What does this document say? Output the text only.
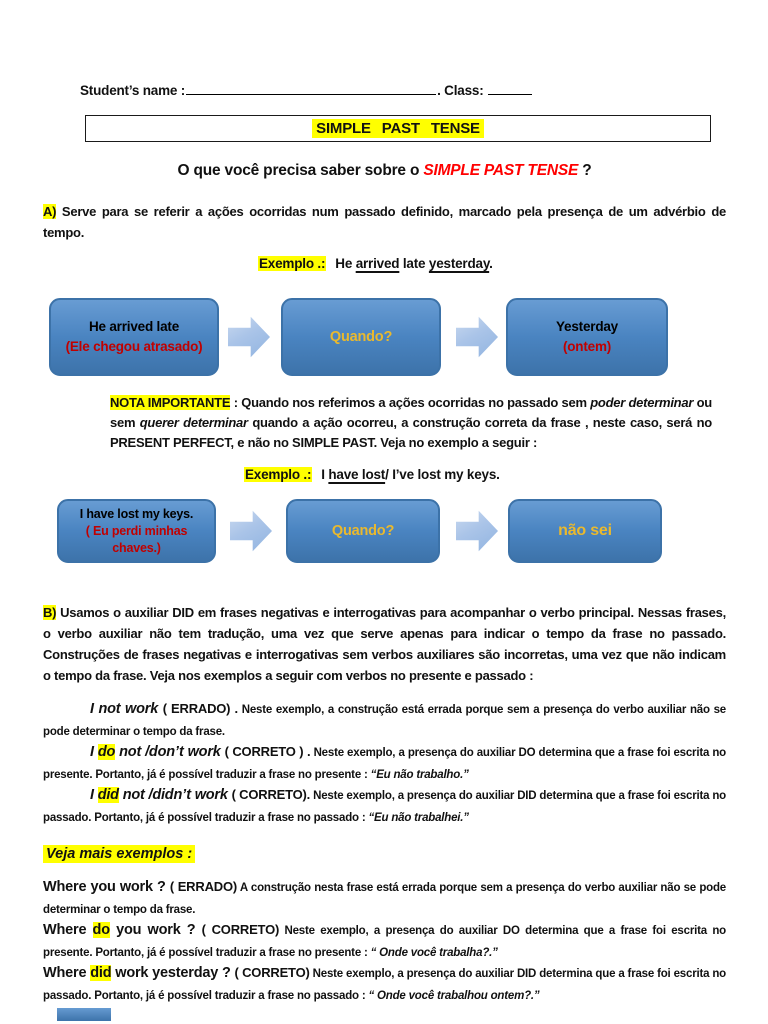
Student’s name :	. Class:
SIMPLE PAST TENSE
O que você precisa saber sobre o SIMPLE PAST TENSE ?

A) Serve para se referir a ações ocorridas num passado definido, marcado pela presença de um advérbio de tempo.

Exemplo .: He arrived late yesterday.
He arrived late
(Ele chegou atrasado)
Quando?
Yesterday
(ontem)

NOTA IMPORTANTE : Quando nos referimos a ações ocorridas no passado sem poder determinar ou sem querer determinar quando a ação ocorreu, a construção correta da frase , neste caso, será no PRESENT PERFECT, e não no SIMPLE PAST. Veja no exemplo a seguir :

Exemplo .: I have lost/ I’ve lost my keys.
I have lost my keys.
( Eu perdi minhas chaves.)
Quando?	não sei

B) Usamos o auxiliar DID em frases negativas e interrogativas para acompanhar o verbo principal. Nessas frases, o verbo auxiliar não tem tradução, uma vez que serve apenas para indicar o tempo da frase no passado. Construções de frases negativas e interrogativas sem verbos auxiliares são incorretas, uma vez que não indicam o tempo da frase. Veja nos exemplos a seguir com verbos no presente e passado :

I not work ( ERRADO) . Neste exemplo, a construção está errada porque sem a presença do verbo auxiliar não se pode determinar o tempo da frase.

I do not /don’t work ( CORRETO ) . Neste exemplo, a presença do auxiliar DO determina que a frase foi escrita no presente. Portanto, já é possível traduzir a frase no presente : “Eu não trabalho.”

I did not /didn’t work ( CORRETO). Neste exemplo, a presença do auxiliar DID determina que a frase foi escrita no passado. Portanto, já é possível traduzir a frase no passado : “Eu não trabalhei.”

Veja mais exemplos :

Where you work ? ( ERRADO) A construção nesta frase está errada porque sem a presença do verbo auxiliar não se pode determinar o tempo da frase.

Where do you work ? ( CORRETO) Neste exemplo, a presença do auxiliar DO determina que a frase foi escrita no presente. Portanto, já é possível traduzir a frase no presente : “ Onde você trabalha?.”

Where did work yesterday ? ( CORRETO) Neste exemplo, a presença do auxiliar DID determina que a frase foi escrita no passado. Portanto, já é possível traduzir a frase no passado : “ Onde você trabalhou ontem?.”
